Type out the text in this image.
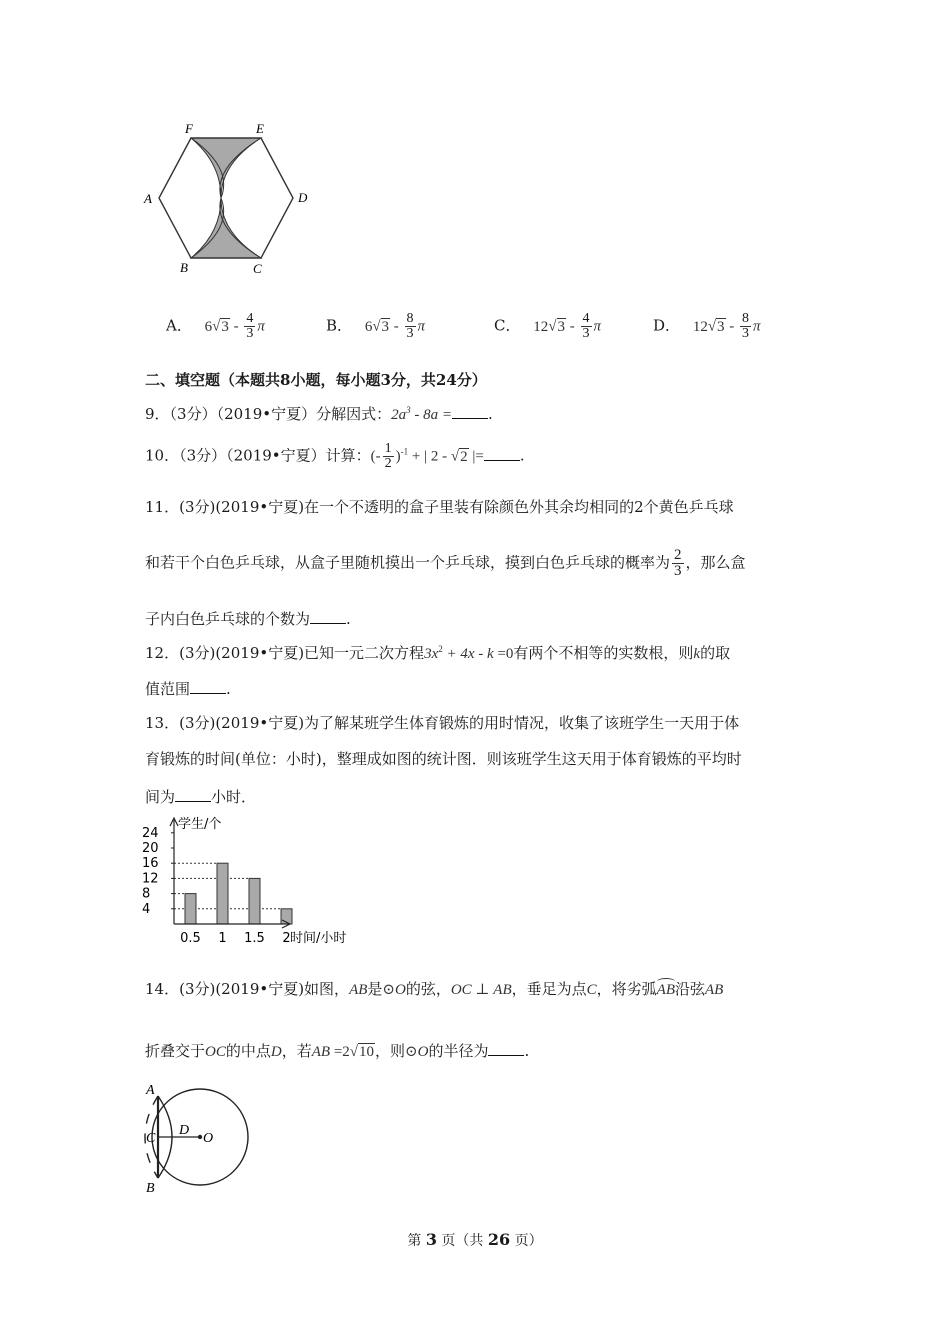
F	E
A	D
B	C
A． $6√3 - \frac{4}{3}$ π	B． $6√3 - \frac{8}{3}$ π	C． $12√3 - \frac{4}{3}$ π	D． $12√3 - \frac{8}{3}$ π
二、填空题（本题共8小题，每小题3分，共24分）
9．（3分）（2019•宁夏）分解因式：$2a^3 - 8a$ = .
10．（3分）（2019•宁夏）计算：(- $\frac{1}{2} )^{-1}$ + | 2 - √2 |= .
11．(3分)(2019•宁夏)在一个不透明的盒子里装有除颜色外其余均相同的2个黄色乒乓球
和若干个白色乒乓球，从盒子里随机摸出一个乒乓球，摸到白色乒乓球的概率为 $\frac{2}{3}$ ，那么盒
子内白色乒乓球的个数为 .
12．(3分)(2019•宁夏)已知一元二次方程$3x^2 + 4x - k =0$有两个不相等的实数根，则k的取
值范围 .
13．(3分)(2019•宁夏)为了解某班学生体育锻炼的用时情况，收集了该班学生一天用于体
育锻炼的时间(单位：小时)，整理成如图的统计图．则该班学生这天用于体育锻炼的平均时
间为 小时．
4
8
12
16
20
24
0.5 1 1.5 2
学生/个
时间/小时
14．(3分)(2019•宁夏)如图，AB是⊙O的弦，OC ⊥ AB，垂足为点C，将劣弧
AB沿弦AB
折叠交于OC的中点D，若AB =2√10，则⊙O的半径为 .
A
B
C
D
O
第 3 页（共 26 页）
